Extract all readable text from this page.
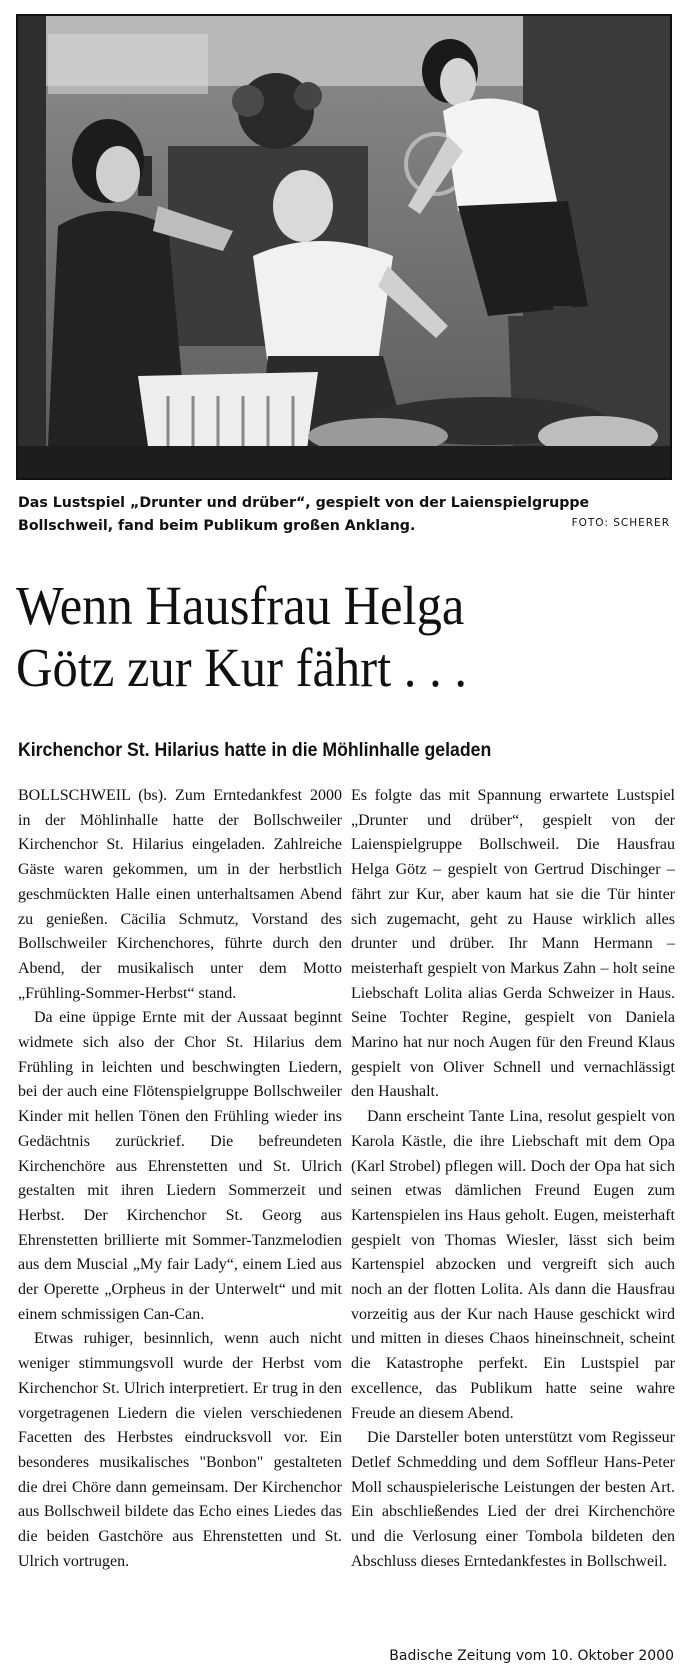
Das Lustspiel „Drunter und drüber“, gespielt von der Laienspielgruppe Bollschweil, fand beim Publikum großen Anklang.	FOTO: SCHERER
Wenn Hausfrau Helga
Götz zur Kur fährt . . .
Kirchenchor St. Hilarius hatte in die Möhlinhalle geladen

BOLLSCHWEIL (bs). Zum Erntedankfest 2000 in der Möhlinhalle hatte der Bollschweiler Kirchenchor St. Hilarius eingeladen. Zahlreiche Gäste waren gekommen, um in der herbstlich geschmückten Halle einen unterhaltsamen Abend zu genießen. Cäcilia Schmutz, Vorstand des Bollschweiler Kirchenchores, führte durch den Abend, der musikalisch unter dem Motto „Frühling-Sommer-Herbst“ stand.

Da eine üppige Ernte mit der Aussaat beginnt widmete sich also der Chor St. Hilarius dem Frühling in leichten und beschwingten Liedern, bei der auch eine Flötenspielgruppe Bollschweiler Kinder mit hellen Tönen den Frühling wieder ins Gedächtnis zurückrief. Die befreundeten Kirchenchöre aus Ehrenstetten und St. Ulrich gestalten mit ihren Liedern Sommerzeit und Herbst. Der Kirchenchor St. Georg aus Ehrenstetten brillierte mit Sommer-Tanzmelodien aus dem Muscial „My fair Lady“, einem Lied aus der Operette „Orpheus in der Unterwelt“ und mit einem schmissigen Can-Can.

Etwas ruhiger, besinnlich, wenn auch nicht weniger stimmungsvoll wurde der Herbst vom Kirchenchor St. Ulrich interpretiert. Er trug in den vorgetragenen Liedern die vielen verschiedenen Facetten des Herbstes eindrucksvoll vor. Ein besonderes musikalisches "Bonbon" gestalteten die drei Chöre dann gemeinsam. Der Kirchenchor aus Bollschweil bildete das Echo eines Liedes das die beiden Gastchöre aus Ehrenstetten und St. Ulrich vortrugen.

Es folgte das mit Spannung erwartete Lustspiel „Drunter und drüber“, gespielt von der Laienspielgruppe Bollschweil. Die Hausfrau Helga Götz – gespielt von Gertrud Dischinger – fährt zur Kur, aber kaum hat sie die Tür hinter sich zugemacht, geht zu Hause wirklich alles drunter und drüber. Ihr Mann Hermann – meisterhaft gespielt von Markus Zahn – holt seine Liebschaft Lolita alias Gerda Schweizer in Haus. Seine Tochter Regine, gespielt von Daniela Marino hat nur noch Augen für den Freund Klaus gespielt von Oliver Schnell und vernachlässigt den Haushalt.

Dann erscheint Tante Lina, resolut gespielt von Karola Kästle, die ihre Liebschaft mit dem Opa (Karl Strobel) pflegen will. Doch der Opa hat sich seinen etwas dämlichen Freund Eugen zum Kartenspielen ins Haus geholt. Eugen, meisterhaft gespielt von Thomas Wiesler, lässt sich beim Kartenspiel abzocken und vergreift sich auch noch an der flotten Lolita. Als dann die Hausfrau vorzeitig aus der Kur nach Hause geschickt wird und mitten in dieses Chaos hineinschneit, scheint die Katastrophe perfekt. Ein Lustspiel par excellence, das Publikum hatte seine wahre Freude an diesem Abend.

Die Darsteller boten unterstützt vom Regisseur Detlef Schmedding und dem Soffleur Hans-Peter Moll schauspielerische Leistungen der besten Art. Ein abschließendes Lied der drei Kirchenchöre und die Verlosung einer Tombola bildeten den Abschluss dieses Erntedankfestes in Bollschweil.

Badische Zeitung vom 10. Oktober 2000
